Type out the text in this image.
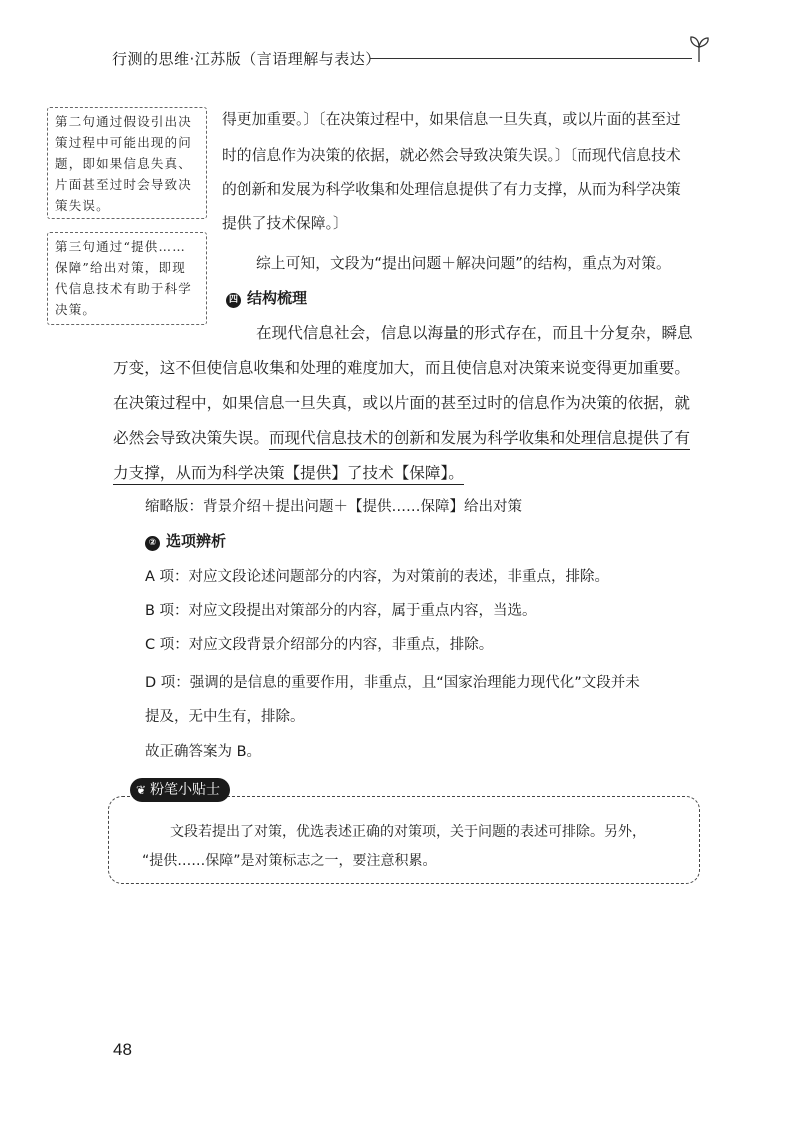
行测的思维·江苏版（言语理解与表达）
第二句通过假设引出决
策过程中可能出现的问
题，即如果信息失真、
片面甚至过时会导致决
策失误。
第三句通过“提供……
保障”给出对策，即现
代信息技术有助于科学
决策。
得更加重要。〕〔在决策过程中，如果信息一旦失真，或以片面的甚至过
时的信息作为决策的依据，就必然会导致决策失误。〕〔而现代信息技术
的创新和发展为科学收集和处理信息提供了有力支撑，从而为科学决策
提供了技术保障。〕
综上可知，文段为“提出问题＋解决问题”的结构，重点为对策。
四 结构梳理
在现代信息社会，信息以海量的形式存在，而且十分复杂，瞬息
万变，这不但使信息收集和处理的难度加大，而且使信息对决策来说变得更加重要。
在决策过程中，如果信息一旦失真，或以片面的甚至过时的信息作为决策的依据，就
必然会导致决策失误。而现代信息技术的创新和发展为科学收集和处理信息提供了有
力支撑，从而为科学决策【提供】了技术【保障】。
缩略版：背景介绍＋提出问题＋【提供……保障】给出对策
② 选项辨析
A 项：对应文段论述问题部分的内容，为对策前的表述，非重点，排除。
B 项：对应文段提出对策部分的内容，属于重点内容，当选。
C 项：对应文段背景介绍部分的内容，非重点，排除。
D 项：强调的是信息的重要作用，非重点，且“国家治理能力现代化”文段并未
提及，无中生有，排除。
故正确答案为 B。
❦ 粉笔小贴士
文段若提出了对策，优选表述正确的对策项，关于问题的表述可排除。另外，
“提供……保障”是对策标志之一，要注意积累。
48
